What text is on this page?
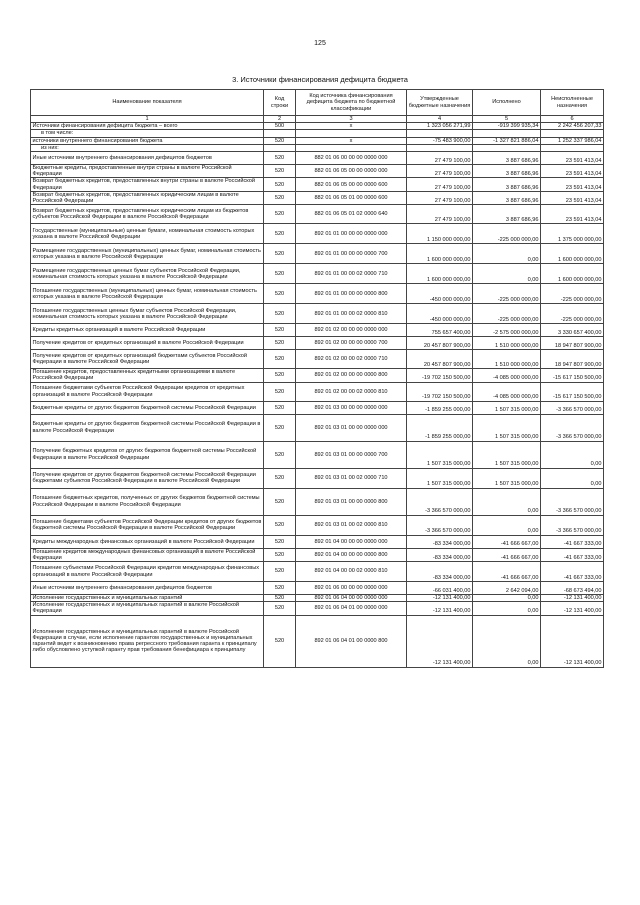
125
3. Источники финансирования дефицита бюджета
Наименование показателя	Код строки	Код источника финансирования дефицита бюджета по бюджетной классификации	Утвержденные бюджетные назначения	Исполнено	Неисполненные назначения
1	2	3	4	5	6
Источники финансирования дефицита бюджета – всего	500	x	1 323 056 271,99	-919 399 935,34	2 242 456 207,33
в том числе:					
источники внутреннего финансирования бюджета	520	x	-75 483 900,00	-1 327 821 886,04	1 252 337 986,04
из них:					
Иные источники внутреннего финансирования дефицитов бюджетов	520	882 01 06 00 00 00 0000 000	27 479 100,00	3 887 686,96	23 591 413,04
Бюджетные кредиты, предоставленные внутри страны в валюте Российской Федерации	520	882 01 06 05 00 00 0000 000	27 479 100,00	3 887 686,96	23 591 413,04
Возврат бюджетных кредитов, предоставленных внутри страны в валюте Российской Федерации	520	882 01 06 05 00 00 0000 600	27 479 100,00	3 887 686,96	23 591 413,04
Возврат бюджетных кредитов, предоставленных юридическим лицам в валюте Российской Федерации	520	882 01 06 05 01 00 0000 600	27 479 100,00	3 887 686,96	23 591 413,04
Возврат бюджетных кредитов, предоставленных юридическим лицам из бюджетов субъектов Российской Федерации в валюте Российской Федерации	520	882 01 06 05 01 02 0000 640	27 479 100,00	3 887 686,96	23 591 413,04
Государственные (муниципальные) ценные бумаги, номинальная стоимость которых указана в валюте Российской Федерации	520	892 01 01 00 00 00 0000 000	1 150 000 000,00	-225 000 000,00	1 375 000 000,00
Размещение государственных (муниципальных) ценных бумаг, номинальная стоимость которых указана в валюте Российской Федерации	520	892 01 01 00 00 00 0000 700	1 600 000 000,00	0,00	1 600 000 000,00
Размещение государственных ценных бумаг субъектов Российской Федерации, номинальная стоимость которых указана в валюте Российской Федерации	520	892 01 01 00 00 02 0000 710	1 600 000 000,00	0,00	1 600 000 000,00
Погашение государственных (муниципальных) ценных бумаг, номинальная стоимость которых указана в валюте Российской Федерации	520	892 01 01 00 00 00 0000 800	-450 000 000,00	-225 000 000,00	-225 000 000,00
Погашение государственных ценных бумаг субъектов Российской Федерации, номинальная стоимость которых указана в валюте Российской Федерации	520	892 01 01 00 00 02 0000 810	-450 000 000,00	-225 000 000,00	-225 000 000,00
Кредиты кредитных организаций в валюте Российской Федерации	520	892 01 02 00 00 00 0000 000	755 657 400,00	-2 575 000 000,00	3 330 657 400,00
Получение кредитов от кредитных организаций в валюте Российской Федерации	520	892 01 02 00 00 00 0000 700	20 457 807 900,00	1 510 000 000,00	18 947 807 900,00
Получение кредитов от кредитных организаций бюджетами субъектов Российской Федерации в валюте Российской Федерации	520	892 01 02 00 00 02 0000 710	20 457 807 900,00	1 510 000 000,00	18 947 807 900,00
Погашение кредитов, предоставленных кредитными организациями в валюте Российской Федерации	520	892 01 02 00 00 00 0000 800	-19 702 150 500,00	-4 085 000 000,00	-15 617 150 500,00
Погашение бюджетами субъектов Российской Федерации кредитов от кредитных организаций в валюте Российской Федерации	520	892 01 02 00 00 02 0000 810	-19 702 150 500,00	-4 085 000 000,00	-15 617 150 500,00
Бюджетные кредиты от других бюджетов бюджетной системы Российской Федерации	520	892 01 03 00 00 00 0000 000	-1 859 255 000,00	1 507 315 000,00	-3 366 570 000,00
Бюджетные кредиты от других бюджетов бюджетной системы Российской Федерации в валюте Российской Федерации	520	892 01 03 01 00 00 0000 000	-1 859 255 000,00	1 507 315 000,00	-3 366 570 000,00
Получение бюджетных кредитов от других бюджетов бюджетной системы Российской Федерации в валюте Российской Федерации	520	892 01 03 01 00 00 0000 700	1 507 315 000,00	1 507 315 000,00	0,00
Получение кредитов от других бюджетов бюджетной системы Российской Федерации бюджетами субъектов Российской Федерации в валюте Российской Федерации	520	892 01 03 01 00 02 0000 710	1 507 315 000,00	1 507 315 000,00	0,00
Погашение бюджетных кредитов, полученных от других бюджетов бюджетной системы Российской Федерации в валюте Российской Федерации	520	892 01 03 01 00 00 0000 800	-3 366 570 000,00	0,00	-3 366 570 000,00
Погашение бюджетами субъектов Российской Федерации кредитов от других бюджетов бюджетной системы Российской Федерации в валюте Российской Федерации	520	892 01 03 01 00 02 0000 810	-3 366 570 000,00	0,00	-3 366 570 000,00
Кредиты международных финансовых организаций в валюте Российской Федерации	520	892 01 04 00 00 00 0000 000	-83 334 000,00	-41 666 667,00	-41 667 333,00
Погашение кредитов международных финансовых организаций в валюте Российской Федерации	520	892 01 04 00 00 00 0000 800	-83 334 000,00	-41 666 667,00	-41 667 333,00
Погашение субъектами Российской Федерации кредитов международных финансовых организаций в валюте Российской Федерации	520	892 01 04 00 00 02 0000 810	-83 334 000,00	-41 666 667,00	-41 667 333,00
Иные источники внутреннего финансирования дефицитов бюджетов	520	892 01 06 00 00 00 0000 000	-66 031 400,00	2 642 094,00	-68 673 494,00
Исполнение государственных и муниципальных гарантий	520	892 01 06 04 00 00 0000 000	-12 131 400,00	0,00	-12 131 400,00
Исполнение государственных и муниципальных гарантий в валюте Российской Федерации	520	892 01 06 04 01 00 0000 000	-12 131 400,00	0,00	-12 131 400,00
Исполнение государственных и муниципальных гарантий в валюте Российской Федерации в случае, если исполнение гарантом государственных и муниципальных гарантий ведет к возникновению права регрессного требования гаранта к принципалу либо обусловлено уступкой гаранту прав требования бенефициара к принципалу	520	892 01 06 04 01 00 0000 800	-12 131 400,00	0,00	-12 131 400,00
